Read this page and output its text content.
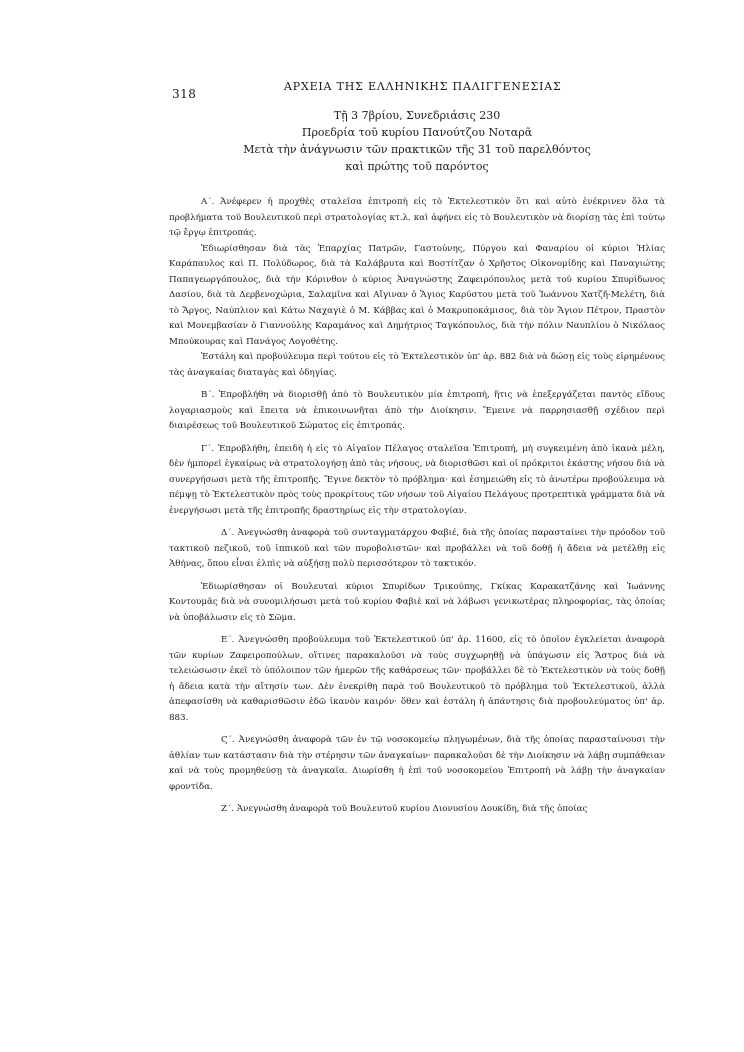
318
ΑΡΧΕΙΑ ΤΗΣ ΕΛΛΗΝΙΚΗΣ ΠΑΛΙΓΓΕΝΕΣΙΑΣ
Τῇ 3 7βρίου, Συνεδριάσις 230
Προεδρία τοῦ κυρίου Πανούτζου Νοταρᾶ
Μετὰ τὴν ἀνάγνωσιν τῶν πρακτικῶν τῆς 31 τοῦ παρελθόντος
καὶ πρώτης τοῦ παρόντος

Α΄. Ἀνέφερεν ἡ προχθὲς σταλεῖσα ἐπιτροπὴ εἰς τὸ Ἐκτελεστικὸν ὅτι καὶ αὐτὸ ἐνέκρινεν ὅλα τὰ προβλήματα τοῦ Βουλευτικοῦ περὶ στρατολογίας κτ.λ. καὶ ἀφήνει εἰς τὸ Βουλευτικὸν νὰ διορίσῃ τὰς ἐπὶ τούτῳ τῷ ἔργῳ ἐπιτροπάς.

Ἐδιωρίσθησαν διὰ τὰς Ἐπαρχίας Πατρῶν, Γαστούνης, Πύργου καὶ Φαναρίου οἱ κύριοι Ἠλίας Καράπαυλος καὶ Π. Πολύδωρος, διὰ τὰ Καλάβρυτα καὶ Βοστίτζαν ὁ Χρῆστος Οἰκονομίδης καὶ Παναγιώτης Παπαγεωργόπουλος, διὰ τὴν Κόρινθον ὁ κύριος Ἀναγνώστης Ζαφειρόπουλος μετὰ τοῦ κυρίου Σπυρίδωνος Δασίου, διὰ τὰ Δερβενοχώρια, Σαλαμῖνα καὶ Αἴγιναν ὁ Ἅγιος Καρύστου μετὰ τοῦ Ἰωάννου Χατζῆ-Μελέτη, διὰ τὸ Ἄργος, Ναύπλιον καὶ Κάτω Ναχαγιὲ ὁ Μ. Κάββας καὶ ὁ Μακρυποκάμισος, διὰ τὸν Ἅγιον Πέτρον, Πραστὸν καὶ Μονεμβασίαν ὁ Γιαννούλης Καραμάνος καὶ Δημήτριος Ταγκόπουλος, διὰ τὴν πόλιν Ναυπλίου ὁ Νικόλαος Μπούκουρας καὶ Πανάγος Λογοθέτης.

Ἐστάλη καὶ προβούλευμα περὶ τούτου εἰς τὸ Ἐκτελεστικὸν ὑπ' ἀρ. 882 διὰ νὰ δώσῃ εἰς τοὺς εἰρημένους τὰς ἀναγκαίας διαταγὰς καὶ ὁδηγίας.

Β΄. Ἐπροβλήθη νὰ διορισθῇ ἀπὸ τὸ Βουλευτικὸν μία ἐπιτροπή, ἥτις νὰ ἐπεξεργάζεται παντὸς εἴδους λογαριασμοὺς καὶ ἔπειτα νὰ ἐπικοινωνῆται ἀπὸ τὴν Διοίκησιν. Ἔμεινε νὰ παρρησιασθῇ σχέδιον περὶ διαιρέσεως τοῦ Βουλευτικοῦ Σώματος εἰς ἐπιτροπάς.

Γ΄. Ἐπροβλήθη, ἐπειδὴ ἡ εἰς τὸ Αἰγαῖον Πέλαγος σταλεῖσα Ἐπιτροπή, μὴ συγκειμένη ἀπὸ ἱκανὰ μέλη, δὲν ἠμπορεῖ ἐγκαίρως νὰ στρατολογήσῃ ἀπὸ τὰς νήσους, νὰ διορισθῶσι καὶ οἱ πρόκριτοι ἑκάστης νήσου διὰ νὰ συνεργήσωσι μετὰ τῆς ἐπιτροπῆς. Ἔγινε δεκτὸν τὸ πρόβλημα· καὶ ἐσημειώθη εἰς τὸ ἀνωτέρω προβούλευμα νὰ πέμψῃ τὸ Ἐκτελεστικὸν πρὸς τοὺς προκρίτους τῶν νήσων τοῦ Αἰγαίου Πελάγους προτρεπτικὰ γράμματα διὰ νὰ ἐνεργήσωσι μετὰ τῆς ἐπιτροπῆς δραστηρίως εἰς τὴν στρατολογίαν.

Δ΄. Ἀνεγνώσθη ἀναφορὰ τοῦ συνταγματάρχου Φαβιέ, διὰ τῆς ὁποίας παρασταίνει τὴν πρόοδον τοῦ τακτικοῦ πεζικοῦ, τοῦ ἱππικοῦ καὶ τῶν πυροβολιστῶν· καὶ προβάλλει νὰ τοῦ δοθῇ ἡ ἄδεια νὰ μετέλθῃ εἰς Ἀθήνας, ὅπου εἶναι ἐλπὶς νὰ αὐξήσῃ πολὺ περισσότερον τὸ τακτικόν.

Ἐδιωρίσθησαν οἱ Βουλευταὶ κύριοι Σπυρίδων Τρικούπης, Γκίκας Καρακατζάνης καὶ Ἰωάννης Κοντουμᾶς διὰ νὰ συνομιλήσωσι μετὰ τοῦ κυρίου Φαβιὲ καὶ νὰ λάβωσι γενικωτέρας πληροφορίας, τὰς ὁποίας νὰ ὑποβάλωσιν εἰς τὸ Σῶμα.

Ε΄. Ἀνεγνώσθη προβούλευμα τοῦ Ἐκτελεστικοῦ ὑπ' ἀρ. 11600, εἰς τὸ ὁποῖον ἐγκλείεται ἀναφορὰ τῶν κυρίων Ζαφειροπούλων, οἵτινες παρακαλοῦσι νὰ τοὺς συγχωρηθῇ νὰ ὑπάγωσιν εἰς Ἄστρος διὰ νὰ τελειώσωσιν ἐκεῖ τὸ ὑπόλοιπον τῶν ἡμερῶν τῆς καθάρσεως τῶν· προβάλλει δὲ τὸ Ἐκτελεστικὸν νὰ τοὺς δοθῇ ἡ ἄδεια κατὰ τὴν αἴτησίν των. Δὲν ἐνεκρίθη παρὰ τοῦ Βουλευτικοῦ τὸ πρόβλημα τοῦ Ἐκτελεστικοῦ, ἀλλὰ ἀπεφασίσθη νὰ καθαρισθῶσιν ἐδῶ ἱκανὸν καιρόν· ὅθεν καὶ ἐστάλη ἡ ἀπάντησις διὰ προβουλεύματος ὑπ' ἀρ. 883.

Ϛ΄. Ἀνεγνώσθη ἀναφορὰ τῶν ἐν τῷ νοσοκομείῳ πληγωμένων, διὰ τῆς ὁποίας παρασταίνουσι τὴν ἀθλίαν των κατάστασιν διὰ τὴν στέρησιν τῶν ἀναγκαίων· παρακαλοῦσι δὲ τὴν Διοίκησιν νὰ λάβῃ συμπάθειαν καὶ νὰ τοὺς προμηθεύσῃ τὰ ἀναγκαῖα. Διωρίσθη ἡ ἐπὶ τοῦ νοσοκομείου Ἐπιτροπὴ νὰ λάβῃ τὴν ἀναγκαίαν φροντίδα.

Ζ΄. Ἀνεγνώσθη ἀναφορὰ τοῦ Βουλευτοῦ κυρίου Διονυσίου Δουκίδη, διὰ τῆς ὁποίας
